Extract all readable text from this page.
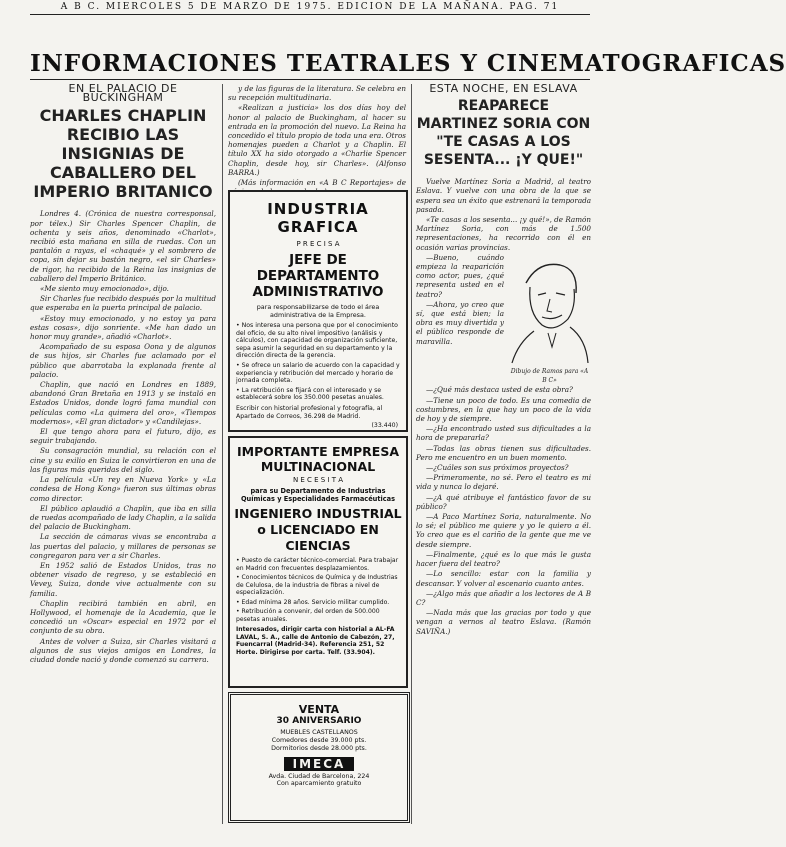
A B C. MIERCOLES 5 DE MARZO DE 1975. EDICION DE LA MAÑANA. PAG. 71
INFORMACIONES TEATRALES Y CINEMATOGRAFICAS
EN EL PALACIO DE BUCKINGHAM
CHARLES CHAPLIN RECIBIO LAS INSIGNIAS DE CABALLERO DEL IMPERIO BRITANICO

Londres 4. (Crónica de nuestra corresponsal, por télex.) Sir Charles Spencer Chaplin, de ochenta y seis años, denominado «Charlot», recibió esta mañana en silla de ruedas. Con un pantalón a rayas, el «chaqué» y el sombrero de copa, sin dejar su bastón negro, «el sir Charles» de rigor, ha recibido de la Reina las insignias de caballero del Imperio Británico.

«Me siento muy emocionado», dijo.

Sir Charles fue recibido después por la multitud que esperaba en la puerta principal de palacio.

«Estoy muy emocionado, y no estoy ya para estas cosas», dijo sonriente. «Me han dado un honor muy grande», añadió «Charlot».

Acompañado de su esposa Oona y de algunos de sus hijos, sir Charles fue aclamado por el público que abarrotaba la explanada frente al palacio.

Chaplin, que nació en Londres en 1889, abandonó Gran Bretaña en 1913 y se instaló en Estados Unidos, donde logró fama mundial con películas como «La quimera del oro», «Tiempos modernos», «El gran dictador» y «Candilejas».

El que tengo ahora para el futuro, dijo, es seguir trabajando.

Su consagración mundial, su relación con el cine y su exilio en Suiza le convirtieron en una de las figuras más queridas del siglo.

La película «Un rey en Nueva York» y «La condesa de Hong Kong» fueron sus últimas obras como director.

El público aplaudió a Chaplin, que iba en silla de ruedas acompañado de lady Chaplin, a la salida del palacio de Buckingham.

La sección de cámaras vivas se encontraba a las puertas del palacio, y millares de personas se congregaron para ver a sir Charles.

En 1952 salió de Estados Unidos, tras no obtener visado de regreso, y se estableció en Vevey, Suiza, donde vive actualmente con su familia.

Chaplin recibirá también en abril, en Hollywood, el homenaje de la Academia, que le concedió un «Oscar» especial en 1972 por el conjunto de su obra.

Antes de volver a Suiza, sir Charles visitará a algunos de sus viejos amigos en Londres, la ciudad donde nació y donde comenzó su carrera.

y de las figuras de la literatura. Se celebra en su recepción multitudinaria.

«Realizan a justicia» los dos días hoy del honor al palacio de Buckingham, al hacer su entrada en la promoción del nuevo. La Reina ha concedido el título propio de toda una era. Otros homenajes pueden a Charlot y a Chaplin. El título XX ha sido otorgado a «Charlie Spencer Chaplin, desde hoy, sir Charles». (Alfonso BARRA.)

(Más información en «A B C Reportajes» de

INDUSTRIA GRAFICA
P R E C I S A
JEFE DE DEPARTAMENTO ADMINISTRATIVO
para responsabilizarse de todo el área administrativa de la Empresa.
• Nos interesa una persona que por el conocimiento del oficio, de su alto nivel impositivo (análisis y cálculos), con capacidad de organización suficiente, sepa asumir la seguridad en su departamento y la dirección directa de la gerencia.
• Se ofrece un salario de acuerdo con la capacidad y experiencia y retribución del mercado y horario de jornada completa.
• La retribución se fijará con el interesado y se establecerá sobre los 350.000 pesetas anuales.
Escribir con historial profesional y fotografía, al Apartado de Correos, 36.298 de Madrid.
(33.440)
IMPORTANTE EMPRESA MULTINACIONAL
N E C E S I T A
para su Departamento de Industrias Químicas y Especialidades Farmacéuticas
INGENIERO INDUSTRIAL o LICENCIADO EN CIENCIAS
• Puesto de carácter técnico-comercial. Para trabajar en Madrid con frecuentes desplazamientos.
• Conocimientos técnicos de Química y de Industrias de Celulosa, de la industria de fibras a nivel de especialización.
• Edad mínima 28 años. Servicio militar cumplido.
• Retribución a convenir, del orden de 500.000 pesetas anuales.
Interesados, dirigir carta con historial a AL-FA LAVAL, S. A., calle de Antonio de Cabezón, 27, Fuencarral (Madrid-34). Referencia 251, 52 Horte. Dirigirse por carta. Telf. (33.904).
VENTA
30 ANIVERSARIO
MUEBLES CASTELLANOS
Comedores desde 39.000 pts.
Dormitorios desde 28.000 pts.
IMECA
Avda. Ciudad de Barcelona, 224
Con aparcamiento gratuito
ESTA NOCHE, EN ESLAVA
REAPARECE MARTINEZ SORIA CON "TE CASAS A LOS SESENTA... ¡Y QUE!"

Vuelve Martínez Soria a Madrid, al teatro Eslava. Y vuelve con una obra de la que se espera sea un éxito que estrenará la temporada pasada.

«Te casas a los sesenta... ¡y qué!», de Ramón Martínez Soria, con más de 1.500 representaciones, ha recorrido con él en ocasión varias provincias.

—Bueno, cuándo empieza la reaparición como actor, pues, ¿qué representa usted en el teatro?

—Ahora, yo creo que sí, que está bien; la obra es muy divertida y el público responde de maravilla.

Dibujo de Ramos para «A B C»

—¿Qué más destaca usted de esta obra?

—Tiene un poco de todo. Es una comedia de costumbres, en la que hay un poco de la vida de hoy y de siempre.

—¿Ha encontrado usted sus dificultades a la hora de prepararla?

—Todas las obras tienen sus dificultades. Pero me encuentro en un buen momento.

—¿Cuáles son sus próximos proyectos?

—Primeramente, no sé. Pero el teatro es mi vida y nunca lo dejaré.

—¿A qué atribuye el fantástico favor de su público?

—A Paco Martínez Soria, naturalmente. No lo sé; el público me quiere y yo le quiero a él. Yo creo que es el cariño de la gente que me ve desde siempre.

—Finalmente, ¿qué es lo que más le gusta hacer fuera del teatro?

—Lo sencillo: estar con la familia y descansar. Y volver al escenario cuanto antes.

—¿Algo más que añadir a los lectores de A B C?

—Nada más que las gracias por todo y que vengan a vernos al teatro Eslava. (Ramón SAVIÑA.)
